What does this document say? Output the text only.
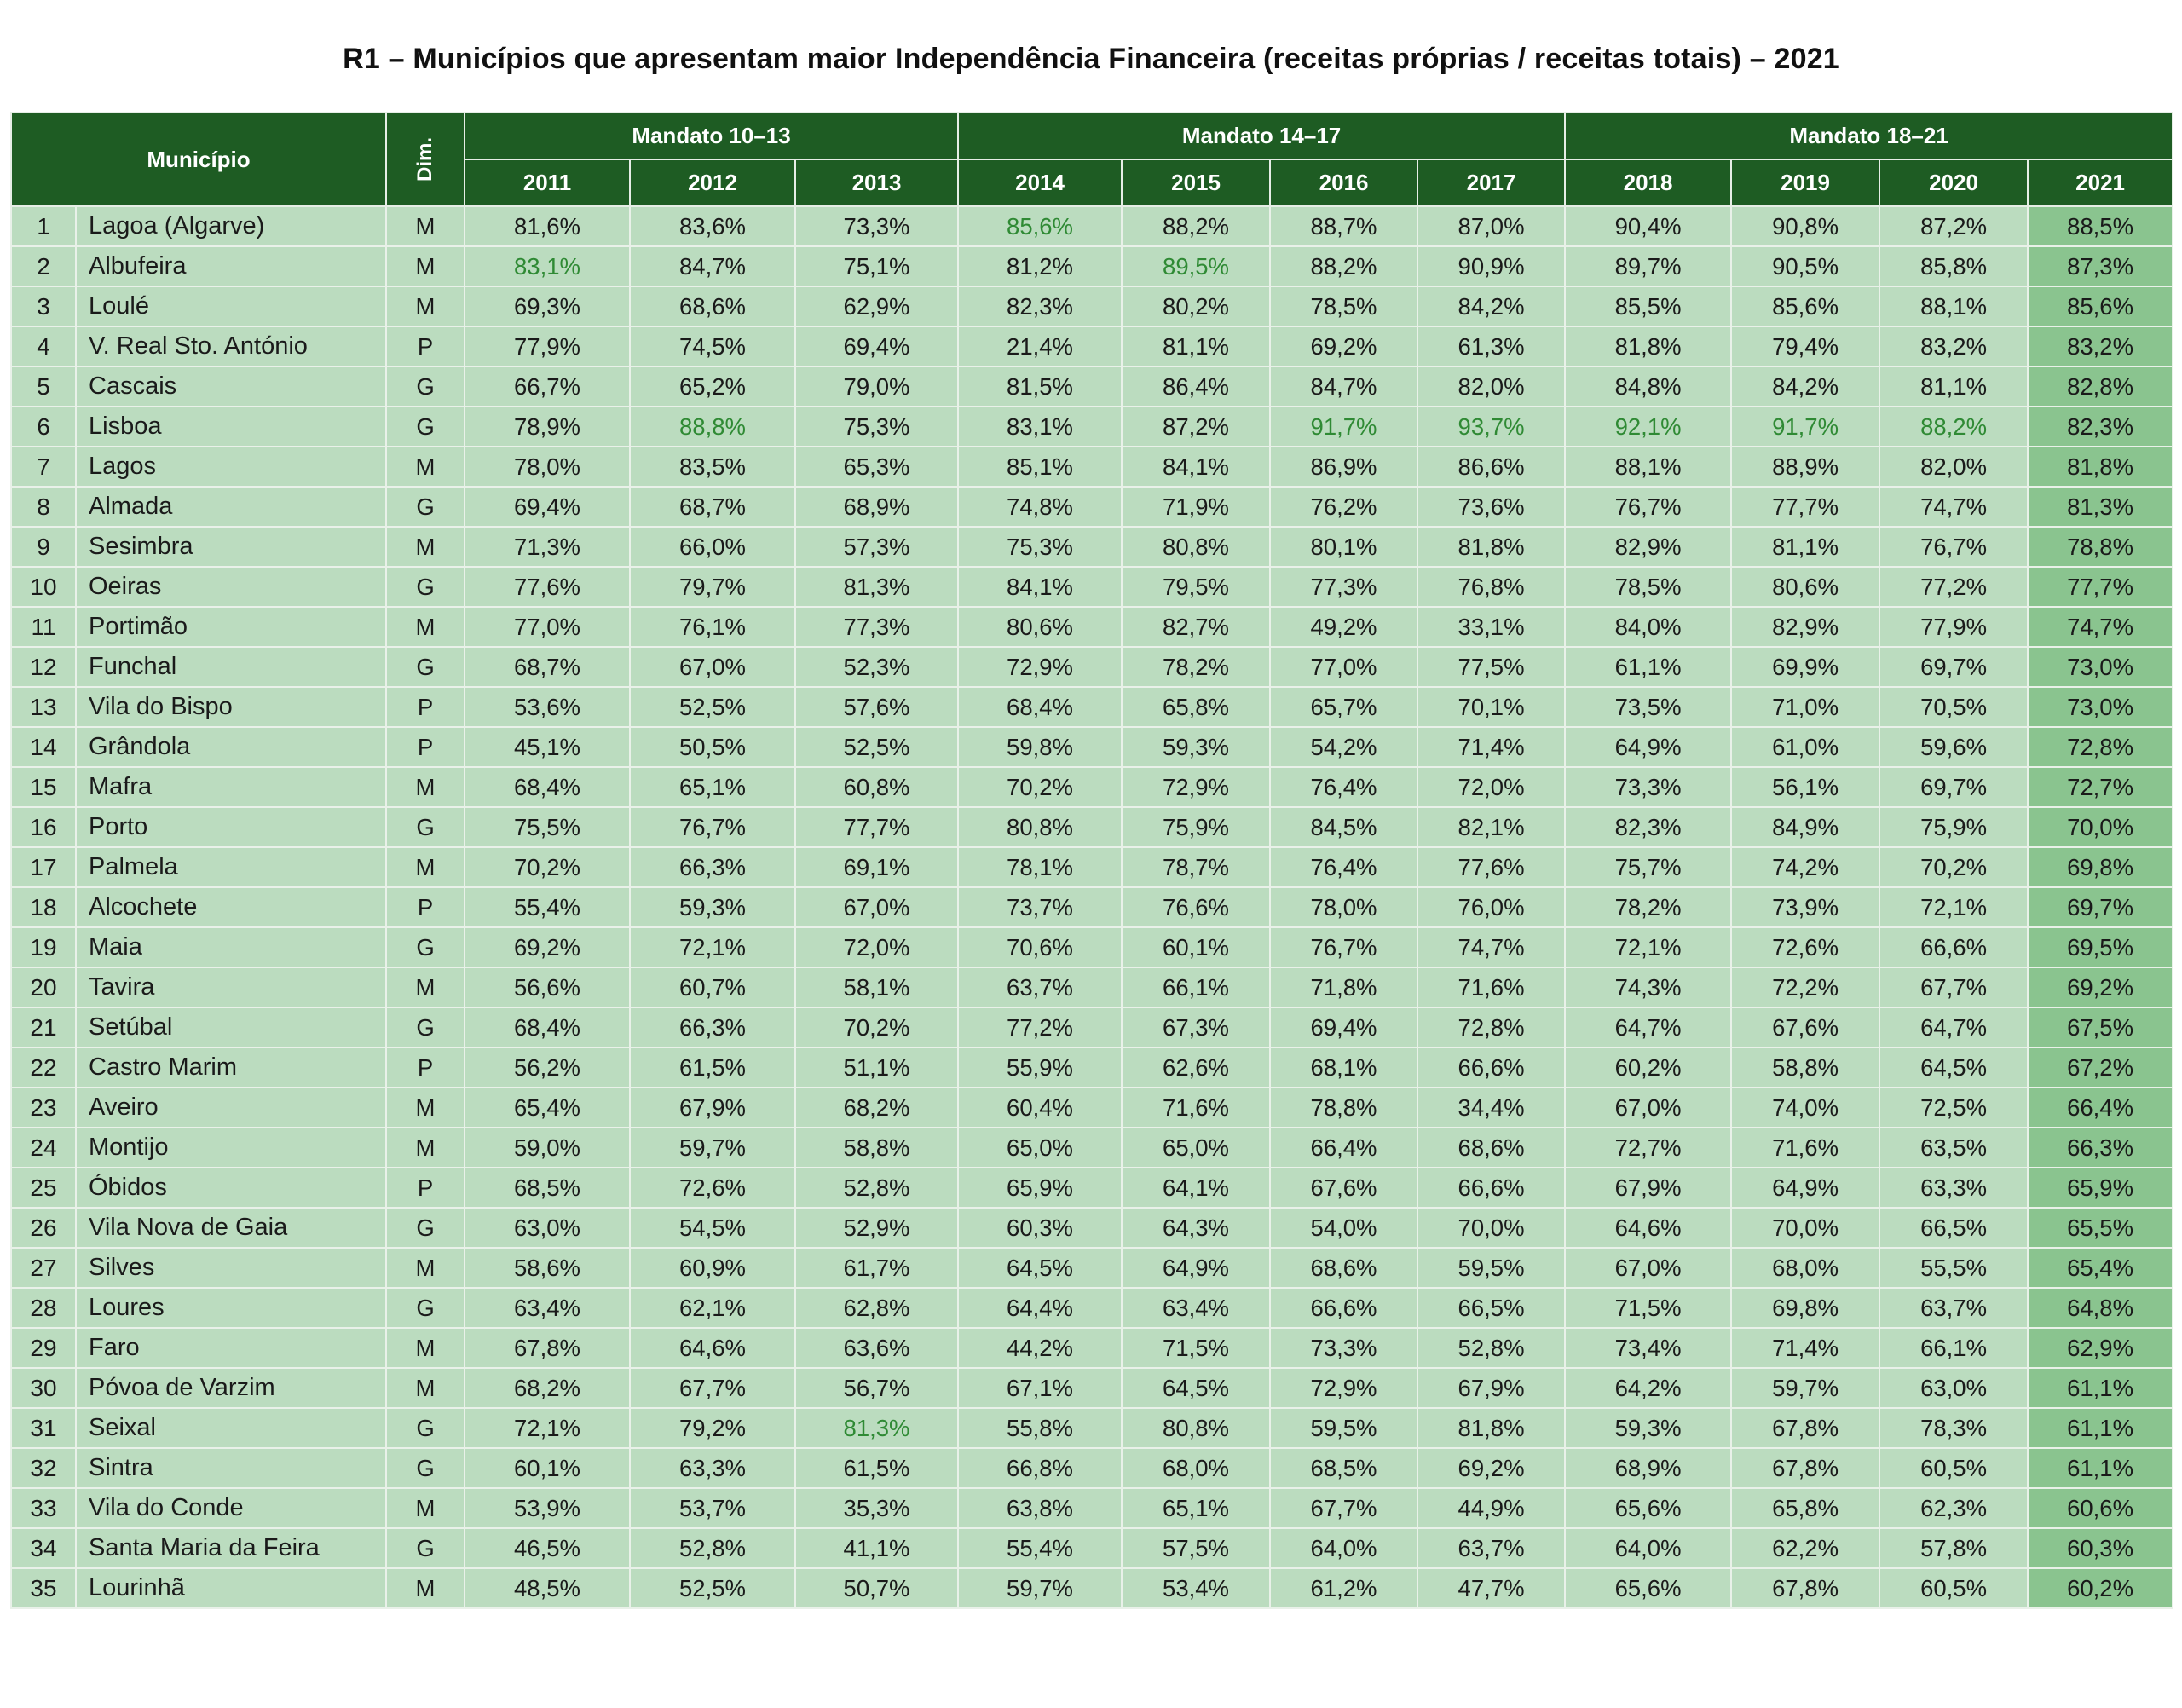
R1 – Municípios que apresentam maior Independência Financeira (receitas próprias / receitas totais) – 2021
Município		Dim.	Mandato 10–13			Mandato 14–17				Mandato 18–21			
			2011	2012	2013	2014	2015	2016	2017	2018	2019	2020	2021
1	Lagoa (Algarve)	M	81,6%	83,6%	73,3%	85,6%	88,2%	88,7%	87,0%	90,4%	90,8%	87,2%	88,5%
2	Albufeira	M	83,1%	84,7%	75,1%	81,2%	89,5%	88,2%	90,9%	89,7%	90,5%	85,8%	87,3%
3	Loulé	M	69,3%	68,6%	62,9%	82,3%	80,2%	78,5%	84,2%	85,5%	85,6%	88,1%	85,6%
4	V. Real Sto. António	P	77,9%	74,5%	69,4%	21,4%	81,1%	69,2%	61,3%	81,8%	79,4%	83,2%	83,2%
5	Cascais	G	66,7%	65,2%	79,0%	81,5%	86,4%	84,7%	82,0%	84,8%	84,2%	81,1%	82,8%
6	Lisboa	G	78,9%	88,8%	75,3%	83,1%	87,2%	91,7%	93,7%	92,1%	91,7%	88,2%	82,3%
7	Lagos	M	78,0%	83,5%	65,3%	85,1%	84,1%	86,9%	86,6%	88,1%	88,9%	82,0%	81,8%
8	Almada	G	69,4%	68,7%	68,9%	74,8%	71,9%	76,2%	73,6%	76,7%	77,7%	74,7%	81,3%
9	Sesimbra	M	71,3%	66,0%	57,3%	75,3%	80,8%	80,1%	81,8%	82,9%	81,1%	76,7%	78,8%
10	Oeiras	G	77,6%	79,7%	81,3%	84,1%	79,5%	77,3%	76,8%	78,5%	80,6%	77,2%	77,7%
11	Portimão	M	77,0%	76,1%	77,3%	80,6%	82,7%	49,2%	33,1%	84,0%	82,9%	77,9%	74,7%
12	Funchal	G	68,7%	67,0%	52,3%	72,9%	78,2%	77,0%	77,5%	61,1%	69,9%	69,7%	73,0%
13	Vila do Bispo	P	53,6%	52,5%	57,6%	68,4%	65,8%	65,7%	70,1%	73,5%	71,0%	70,5%	73,0%
14	Grândola	P	45,1%	50,5%	52,5%	59,8%	59,3%	54,2%	71,4%	64,9%	61,0%	59,6%	72,8%
15	Mafra	M	68,4%	65,1%	60,8%	70,2%	72,9%	76,4%	72,0%	73,3%	56,1%	69,7%	72,7%
16	Porto	G	75,5%	76,7%	77,7%	80,8%	75,9%	84,5%	82,1%	82,3%	84,9%	75,9%	70,0%
17	Palmela	M	70,2%	66,3%	69,1%	78,1%	78,7%	76,4%	77,6%	75,7%	74,2%	70,2%	69,8%
18	Alcochete	P	55,4%	59,3%	67,0%	73,7%	76,6%	78,0%	76,0%	78,2%	73,9%	72,1%	69,7%
19	Maia	G	69,2%	72,1%	72,0%	70,6%	60,1%	76,7%	74,7%	72,1%	72,6%	66,6%	69,5%
20	Tavira	M	56,6%	60,7%	58,1%	63,7%	66,1%	71,8%	71,6%	74,3%	72,2%	67,7%	69,2%
21	Setúbal	G	68,4%	66,3%	70,2%	77,2%	67,3%	69,4%	72,8%	64,7%	67,6%	64,7%	67,5%
22	Castro Marim	P	56,2%	61,5%	51,1%	55,9%	62,6%	68,1%	66,6%	60,2%	58,8%	64,5%	67,2%
23	Aveiro	M	65,4%	67,9%	68,2%	60,4%	71,6%	78,8%	34,4%	67,0%	74,0%	72,5%	66,4%
24	Montijo	M	59,0%	59,7%	58,8%	65,0%	65,0%	66,4%	68,6%	72,7%	71,6%	63,5%	66,3%
25	Óbidos	P	68,5%	72,6%	52,8%	65,9%	64,1%	67,6%	66,6%	67,9%	64,9%	63,3%	65,9%
26	Vila Nova de Gaia	G	63,0%	54,5%	52,9%	60,3%	64,3%	54,0%	70,0%	64,6%	70,0%	66,5%	65,5%
27	Silves	M	58,6%	60,9%	61,7%	64,5%	64,9%	68,6%	59,5%	67,0%	68,0%	55,5%	65,4%
28	Loures	G	63,4%	62,1%	62,8%	64,4%	63,4%	66,6%	66,5%	71,5%	69,8%	63,7%	64,8%
29	Faro	M	67,8%	64,6%	63,6%	44,2%	71,5%	73,3%	52,8%	73,4%	71,4%	66,1%	62,9%
30	Póvoa de Varzim	M	68,2%	67,7%	56,7%	67,1%	64,5%	72,9%	67,9%	64,2%	59,7%	63,0%	61,1%
31	Seixal	G	72,1%	79,2%	81,3%	55,8%	80,8%	59,5%	81,8%	59,3%	67,8%	78,3%	61,1%
32	Sintra	G	60,1%	63,3%	61,5%	66,8%	68,0%	68,5%	69,2%	68,9%	67,8%	60,5%	61,1%
33	Vila do Conde	M	53,9%	53,7%	35,3%	63,8%	65,1%	67,7%	44,9%	65,6%	65,8%	62,3%	60,6%
34	Santa Maria da Feira	G	46,5%	52,8%	41,1%	55,4%	57,5%	64,0%	63,7%	64,0%	62,2%	57,8%	60,3%
35	Lourinhã	M	48,5%	52,5%	50,7%	59,7%	53,4%	61,2%	47,7%	65,6%	67,8%	60,5%	60,2%
